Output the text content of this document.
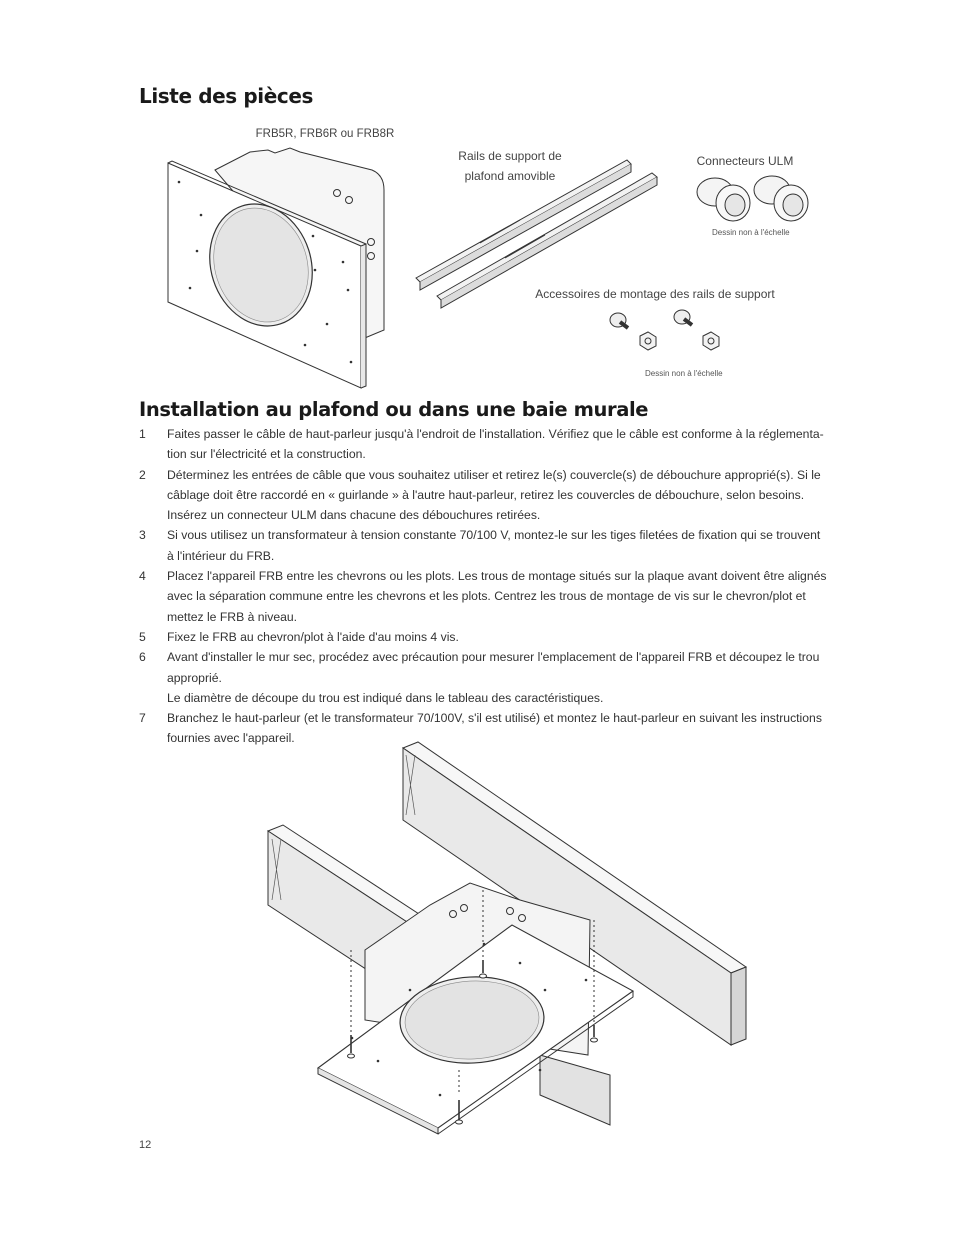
Liste des pièces
FRB5R, FRB6R ou FRB8R
Rails de support de
plafond amovible
Connecteurs ULM
Dessin non à l'échelle
Accessoires de montage des rails de support
Dessin non à l'échelle
Installation au plafond ou dans une baie murale
1	Faites passer le câble de haut-parleur jusqu'à l'endroit de l'installation. Vérifiez que le câble est conforme à la réglementa-
tion sur l'électricité et la construction.
2	Déterminez les entrées de câble que vous souhaitez utiliser et retirez le(s) couvercle(s) de débouchure approprié(s). Si le
câblage doit être raccordé en « guirlande » à l'autre haut-parleur, retirez les couvercles de débouchure, selon besoins.
Insérez un connecteur ULM dans chacune des débouchures retirées.
3	Si vous utilisez un transformateur à tension constante 70/100 V, montez-le sur les tiges filetées de fixation qui se trouvent
à l'intérieur du FRB.
4	Placez l'appareil FRB entre les chevrons ou les plots. Les trous de montage situés sur la plaque avant doivent être alignés
avec la séparation commune entre les chevrons et les plots. Centrez les trous de montage de vis sur le chevron/plot et
mettez le FRB à niveau.
5	Fixez le FRB au chevron/plot à l'aide d'au moins 4 vis.
6	Avant d'installer le mur sec, procédez avec précaution pour mesurer l'emplacement de l'appareil FRB et découpez le trou
approprié.
Le diamètre de découpe du trou est indiqué dans le tableau des caractéristiques.
7	Branchez le haut-parleur (et le transformateur 70/100V, s'il est utilisé) et montez le haut-parleur en suivant les instructions
fournies avec l'appareil.
12
